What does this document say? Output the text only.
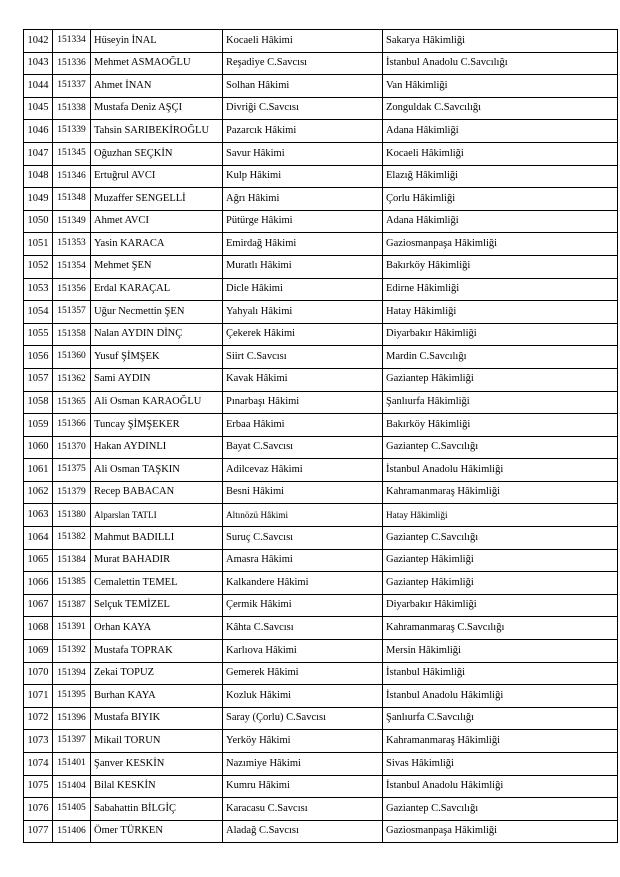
1042	151334	Hüseyin İNAL	Kocaeli Hâkimi	Sakarya Hâkimliği
1043	151336	Mehmet ASMAOĞLU	Reşadiye C.Savcısı	İstanbul Anadolu C.Savcılığı
1044	151337	Ahmet İNAN	Solhan Hâkimi	Van Hâkimliği
1045	151338	Mustafa Deniz AŞÇI	Divriği C.Savcısı	Zonguldak C.Savcılığı
1046	151339	Tahsin SARIBEKİROĞLU	Pazarcık Hâkimi	Adana Hâkimliği
1047	151345	Oğuzhan SEÇKİN	Savur Hâkimi	Kocaeli Hâkimliği
1048	151346	Ertuğrul AVCI	Kulp Hâkimi	Elazığ Hâkimliği
1049	151348	Muzaffer SENGELLİ	Ağrı Hâkimi	Çorlu Hâkimliği
1050	151349	Ahmet AVCI	Pütürge Hâkimi	Adana Hâkimliği
1051	151353	Yasin KARACA	Emirdağ Hâkimi	Gaziosmanpaşa Hâkimliği
1052	151354	Mehmet ŞEN	Muratlı Hâkimi	Bakırköy Hâkimliği
1053	151356	Erdal KARAÇAL	Dicle Hâkimi	Edirne Hâkimliği
1054	151357	Uğur Necmettin ŞEN	Yahyalı Hâkimi	Hatay Hâkimliği
1055	151358	Nalan AYDIN DİNÇ	Çekerek Hâkimi	Diyarbakır Hâkimliği
1056	151360	Yusuf ŞİMŞEK	Siirt C.Savcısı	Mardin C.Savcılığı
1057	151362	Sami AYDIN	Kavak Hâkimi	Gaziantep Hâkimliği
1058	151365	Ali Osman KARAOĞLU	Pınarbaşı Hâkimi	Şanlıurfa Hâkimliği
1059	151366	Tuncay ŞİMŞEKER	Erbaa Hâkimi	Bakırköy Hâkimliği
1060	151370	Hakan AYDINLI	Bayat C.Savcısı	Gaziantep C.Savcılığı
1061	151375	Ali Osman TAŞKIN	Adilcevaz Hâkimi	İstanbul Anadolu Hâkimliği
1062	151379	Recep BABACAN	Besni Hâkimi	Kahramanmaraş Hâkimliği
1063	151380	Alparslan TATLI	Altınözü Hâkimi	Hatay Hâkimliği
1064	151382	Mahmut BADILLI	Suruç C.Savcısı	Gaziantep C.Savcılığı
1065	151384	Murat BAHADIR	Amasra Hâkimi	Gaziantep Hâkimliği
1066	151385	Cemalettin TEMEL	Kalkandere Hâkimi	Gaziantep Hâkimliği
1067	151387	Selçuk TEMİZEL	Çermik Hâkimi	Diyarbakır Hâkimliği
1068	151391	Orhan KAYA	Kâhta C.Savcısı	Kahramanmaraş C.Savcılığı
1069	151392	Mustafa TOPRAK	Karlıova Hâkimi	Mersin Hâkimliği
1070	151394	Zekai TOPUZ	Gemerek Hâkimi	İstanbul Hâkimliği
1071	151395	Burhan KAYA	Kozluk Hâkimi	İstanbul Anadolu Hâkimliği
1072	151396	Mustafa BIYIK	Saray (Çorlu) C.Savcısı	Şanlıurfa C.Savcılığı
1073	151397	Mikail TORUN	Yerköy Hâkimi	Kahramanmaraş Hâkimliği
1074	151401	Şanver KESKİN	Nazımiye Hâkimi	Sivas Hâkimliği
1075	151404	Bilal KESKİN	Kumru Hâkimi	İstanbul Anadolu Hâkimliği
1076	151405	Sabahattin BİLGİÇ	Karacasu C.Savcısı	Gaziantep C.Savcılığı
1077	151406	Ömer TÜRKEN	Aladağ C.Savcısı	Gaziosmanpaşa Hâkimliği
